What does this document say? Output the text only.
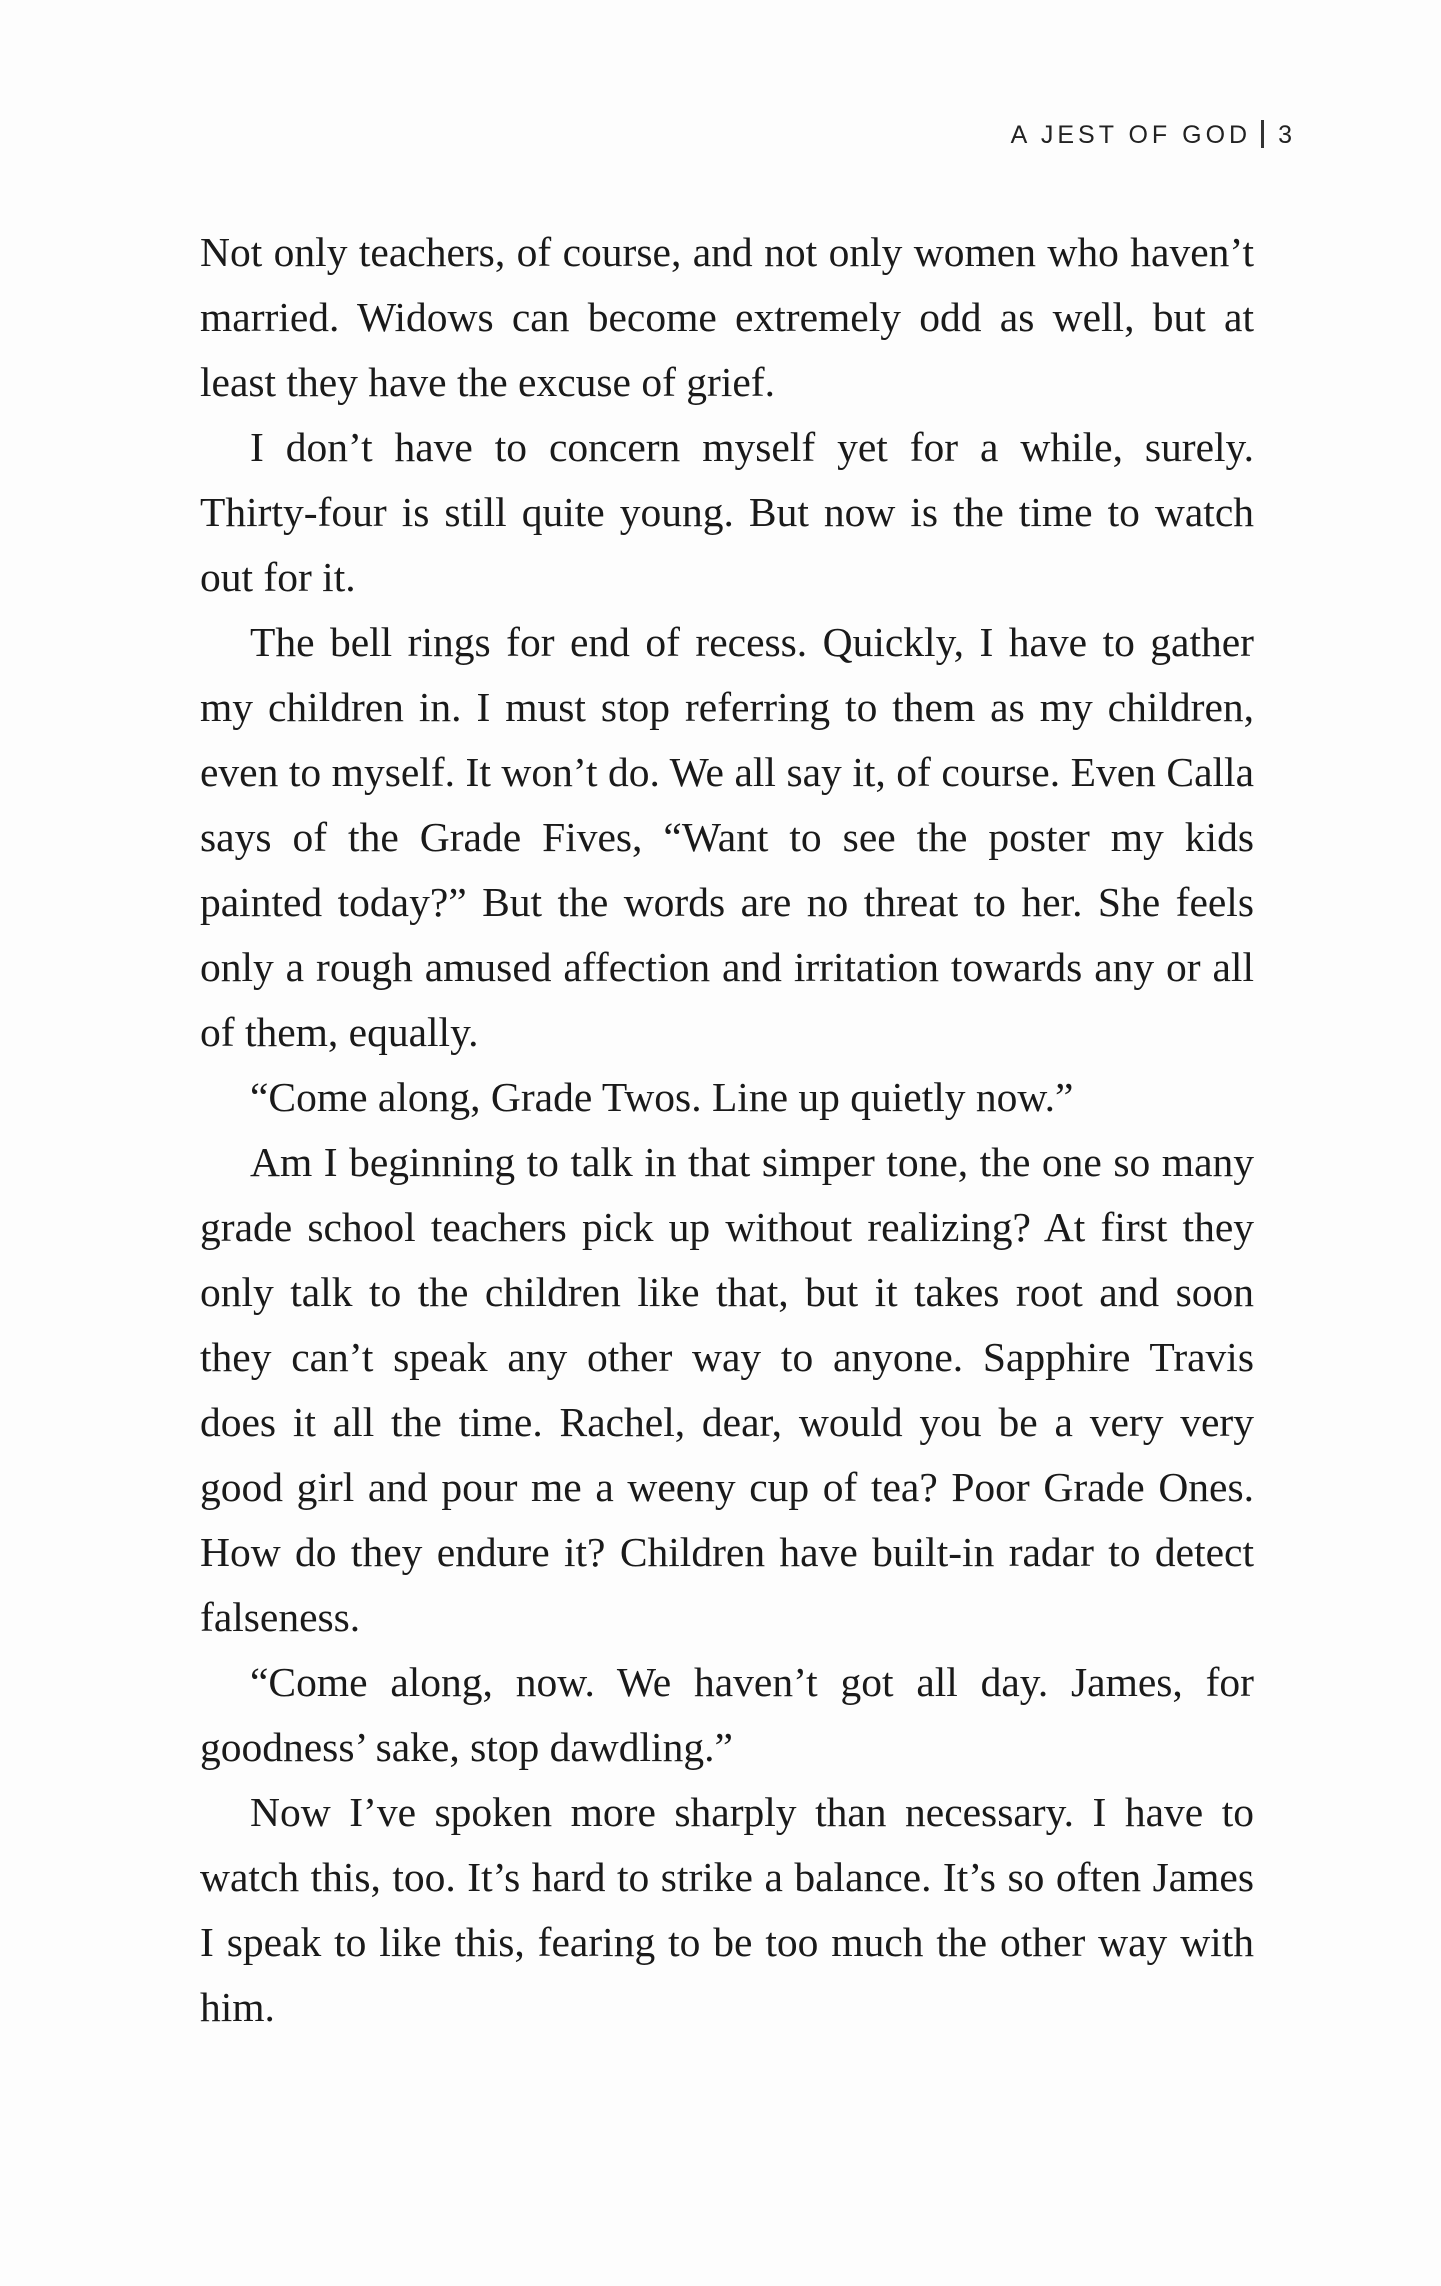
A JEST OF GOD 3

Not only teachers, of course, and not only women who haven’t married. Widows can become extremely odd as well, but at least they have the excuse of grief.

I don’t have to concern myself yet for a while, surely. Thirty-four is still quite young. But now is the time to watch out for it.

The bell rings for end of recess. Quickly, I have to gather my children in. I must stop referring to them as my children, even to myself. It won’t do. We all say it, of course. Even Calla says of the Grade Fives, “Want to see the poster my kids painted today?” But the words are no threat to her. She feels only a rough amused affection and irritation towards any or all of them, equally.

“Come along, Grade Twos. Line up quietly now.”

Am I beginning to talk in that simper tone, the one so many grade school teachers pick up without realizing? At first they only talk to the children like that, but it takes root and soon they can’t speak any other way to anyone. Sapphire Travis does it all the time. Rachel, dear, would you be a very very good girl and pour me a weeny cup of tea? Poor Grade Ones. How do they endure it? Children have built-in radar to detect falseness.

“Come along, now. We haven’t got all day. James, for goodness’ sake, stop dawdling.”

Now I’ve spoken more sharply than necessary. I have to watch this, too. It’s hard to strike a balance. It’s so often James I speak to like this, fearing to be too much the other way with him.
